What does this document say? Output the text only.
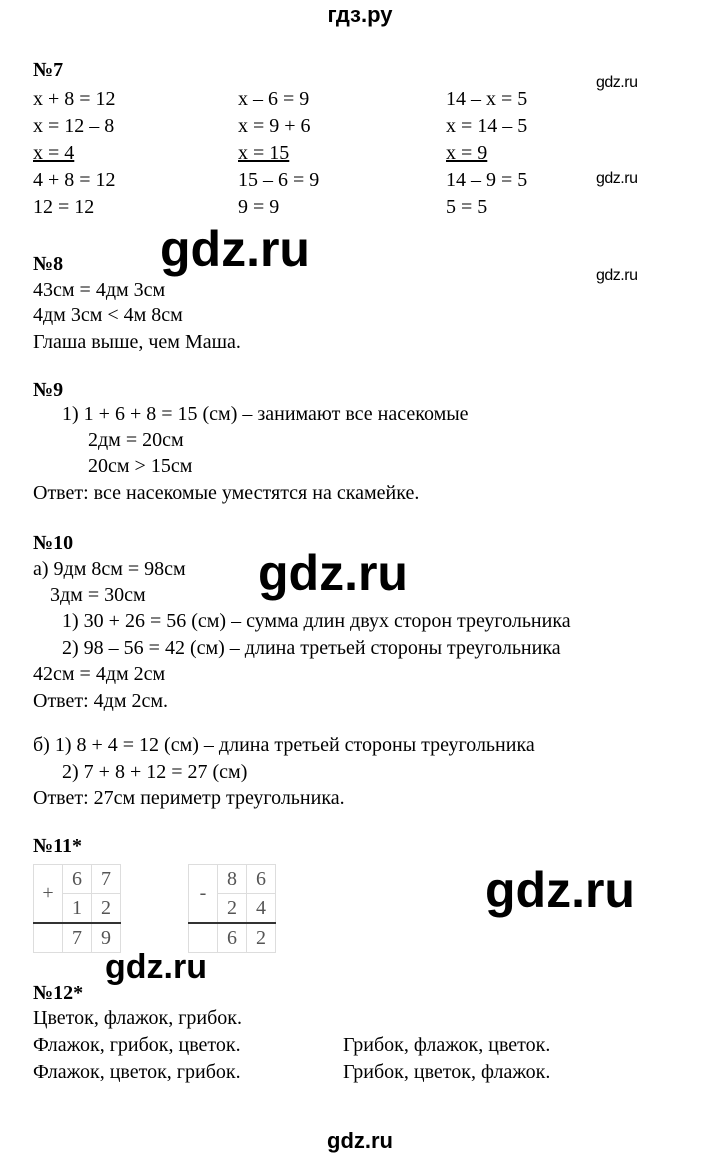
гдз.ру
№7
x + 8 = 12
x = 12 – 8
x = 4
4 + 8 = 12
12 = 12
x – 6 = 9
x = 9 + 6
x = 15
15 – 6 = 9
9 = 9
14 – x = 5
x = 14 – 5
x = 9
14 – 9 = 5
5 = 5
gdz.ru
gdz.ru
gdz.ru
gdz.ru
№8
43см = 4дм 3см
4дм 3см < 4м 8см
Глаша выше, чем Маша.
№9
1) 1 + 6 + 8 = 15 (см) – занимают все насекомые
2дм = 20см
20см > 15см
Ответ: все насекомые уместятся на скамейке.
gdz.ru
№10
а) 9дм 8см = 98см
3дм = 30см
1) 30 + 26 = 56 (см) – сумма длин двух сторон треугольника
2) 98 – 56 = 42 (см) – длина третьей стороны треугольника
42см = 4дм 2см
Ответ: 4дм 2см.
б) 1) 8 + 4 = 12 (см) – длина третьей стороны треугольника
2) 7 + 8 + 12 = 27 (см)
Ответ: 27см периметр треугольника.
№11*
+	6	7
	1	2
	7	9
-	8	6
	2	4
	6	2
gdz.ru
gdz.ru
№12*
Цветок, флажок, грибок.
Флажок, грибок, цветок.	Грибок, флажок, цветок.
Флажок, цветок, грибок.	Грибок, цветок, флажок.
gdz.ru
